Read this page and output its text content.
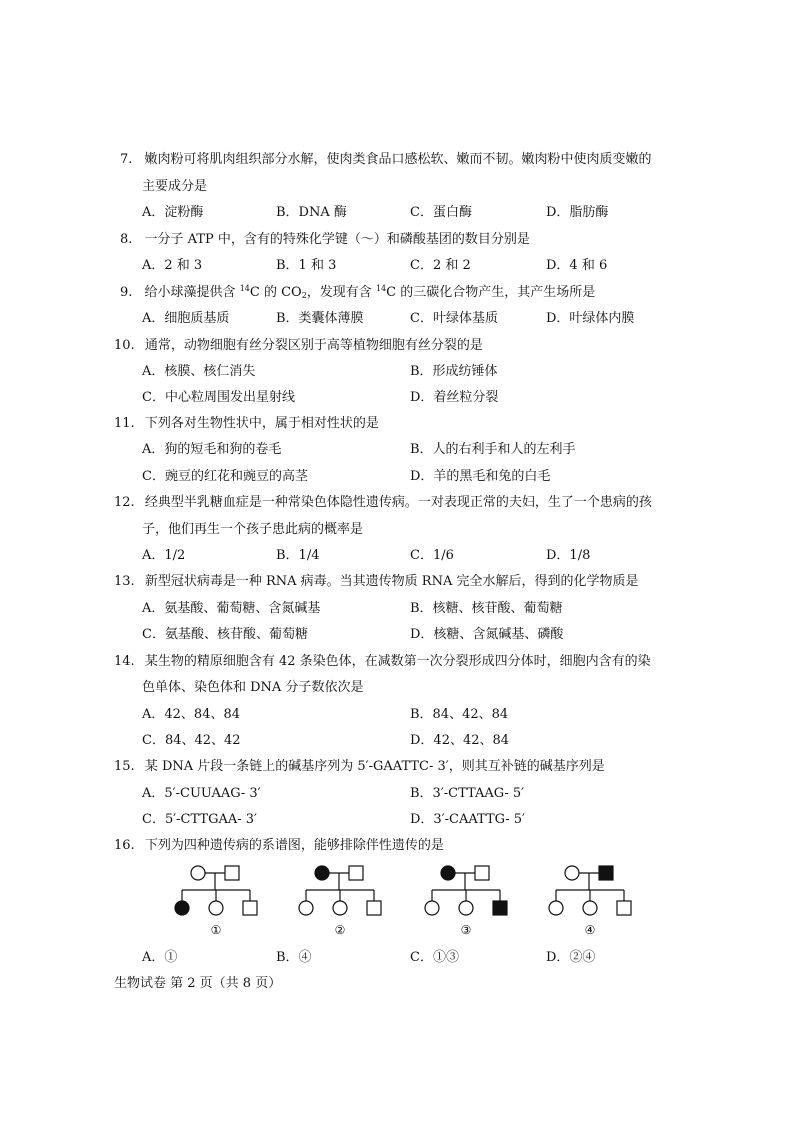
7. 嫩肉粉可将肌肉组织部分水解，使肉类食品口感松软、嫩而不韧。嫩肉粉中使肉质变嫩的
主要成分是
A．淀粉酶	B．DNA 酶	C．蛋白酶	D．脂肪酶
8. 一分子 ATP 中，含有的特殊化学键（～）和磷酸基团的数目分别是
A．2 和 3	B．1 和 3	C．2 和 2	D．4 和 6
9. 给小球藻提供含 $^{14}$C 的 $CO_2$，发现有含 $^{14}$C 的三碳化合物产生，其产生场所是
A．细胞质基质	B．类囊体薄膜	C．叶绿体基质	D．叶绿体内膜
10. 通常，动物细胞有丝分裂区别于高等植物细胞有丝分裂的是
A．核膜、核仁消失	B．形成纺锤体
C．中心粒周围发出星射线	D．着丝粒分裂
11. 下列各对生物性状中，属于相对性状的是
A．狗的短毛和狗的卷毛	B．人的右利手和人的左利手
C．豌豆的红花和豌豆的高茎	D．羊的黑毛和兔的白毛
12. 经典型半乳糖血症是一种常染色体隐性遗传病。一对表现正常的夫妇，生了一个患病的孩
子，他们再生一个孩子患此病的概率是
A．1/2	B．1/4	C．1/6	D．1/8
13. 新型冠状病毒是一种 RNA 病毒。当其遗传物质 RNA 完全水解后，得到的化学物质是
A．氨基酸、葡萄糖、含氮碱基	B．核糖、核苷酸、葡萄糖
C．氨基酸、核苷酸、葡萄糖	D．核糖、含氮碱基、磷酸
14. 某生物的精原细胞含有 42 条染色体，在减数第一次分裂形成四分体时，细胞内含有的染
色单体、染色体和 DNA 分子数依次是
A．42、84、84	B．84、42、84
C．84、42、42	D．42、42、84
15. 某 DNA 片段一条链上的碱基序列为 5′-GAATTC- 3′，则其互补链的碱基序列是
A．5′-CUUAAG- 3′	B．3′-CTTAAG- 5′
C．5′-CTTGAA- 3′	D．3′-CAATTG- 5′
16. 下列为四种遗传病的系谱图，能够排除伴性遗传的是
①	②	③	④
A．①	B．④	C．①③	D．②④
生物试卷 第 2 页（共 8 页）
